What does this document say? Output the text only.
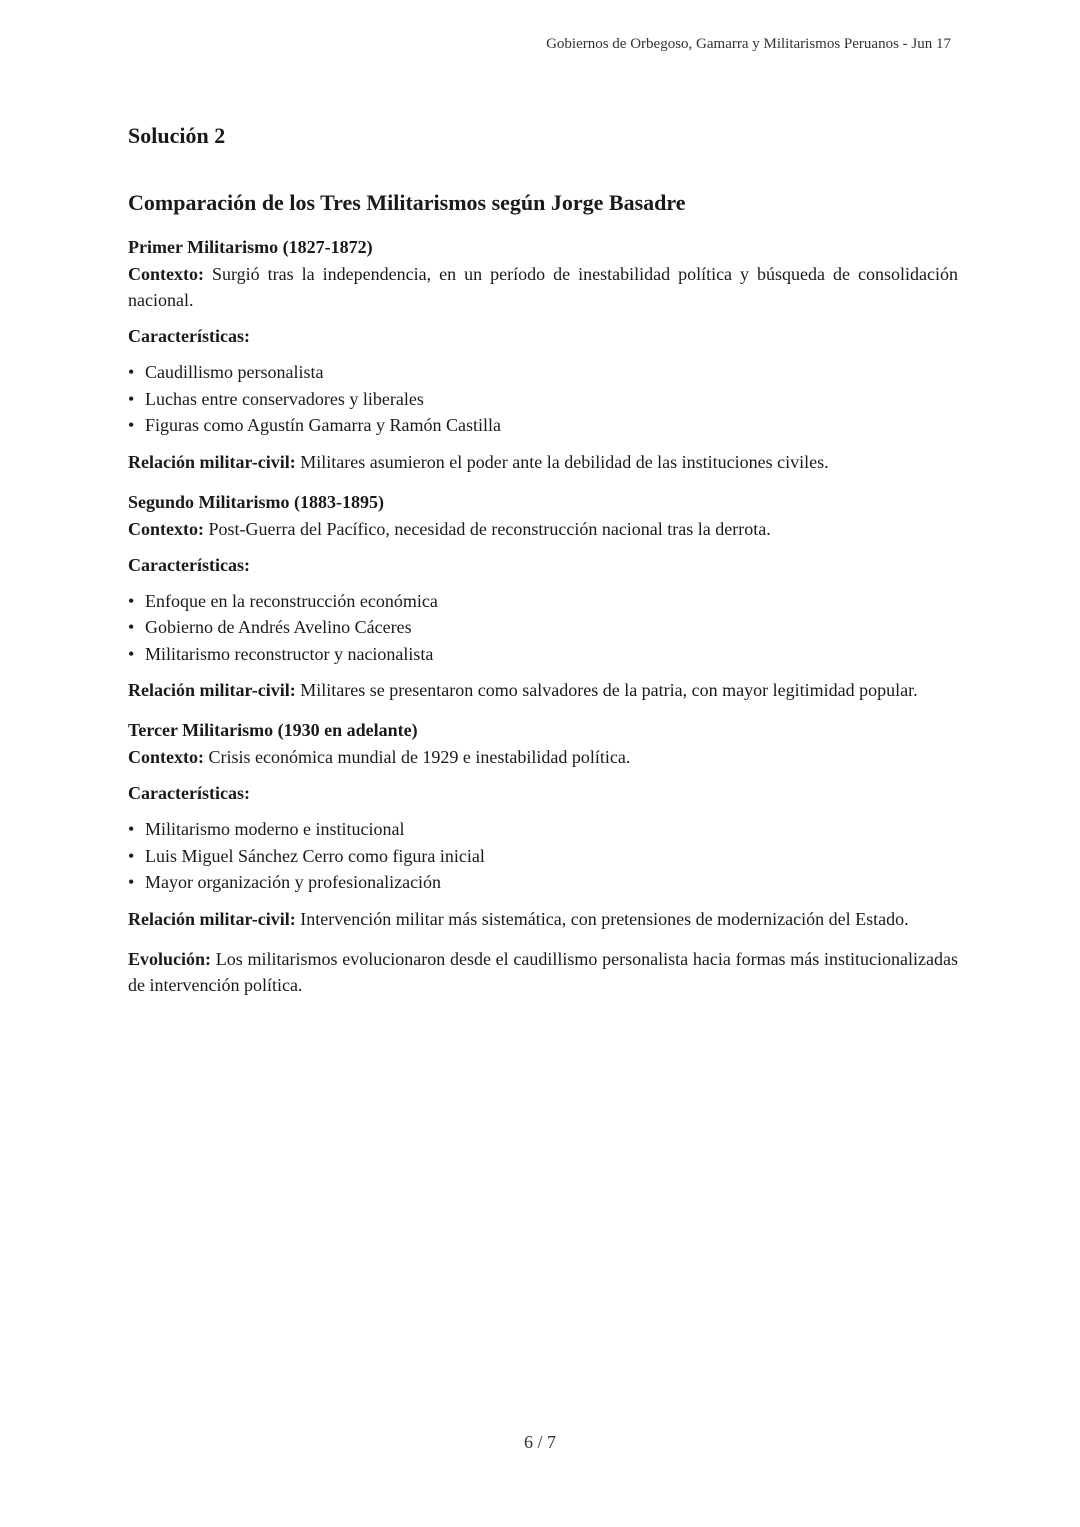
Gobiernos de Orbegoso, Gamarra y Militarismos Peruanos - Jun 17
Solución 2
Comparación de los Tres Militarismos según Jorge Basadre
Primer Militarismo (1827-1872)

Contexto: Surgió tras la independencia, en un período de inestabilidad política y búsqueda de consolidación nacional.

Características:
• Caudillismo personalista
• Luchas entre conservadores y liberales
• Figuras como Agustín Gamarra y Ramón Castilla

Relación militar-civil: Militares asumieron el poder ante la debilidad de las instituciones civiles.

Segundo Militarismo (1883-1895)

Contexto: Post-Guerra del Pacífico, necesidad de reconstrucción nacional tras la derrota.

Características:
• Enfoque en la reconstrucción económica
• Gobierno de Andrés Avelino Cáceres
• Militarismo reconstructor y nacionalista

Relación militar-civil: Militares se presentaron como salvadores de la patria, con mayor legitimidad popular.

Tercer Militarismo (1930 en adelante)

Contexto: Crisis económica mundial de 1929 e inestabilidad política.

Características:
• Militarismo moderno e institucional
• Luis Miguel Sánchez Cerro como figura inicial
• Mayor organización y profesionalización

Relación militar-civil: Intervención militar más sistemática, con pretensiones de modernización del Estado.

Evolución: Los militarismos evolucionaron desde el caudillismo personalista hacia formas más institucionalizadas de intervención política.

6 / 7
